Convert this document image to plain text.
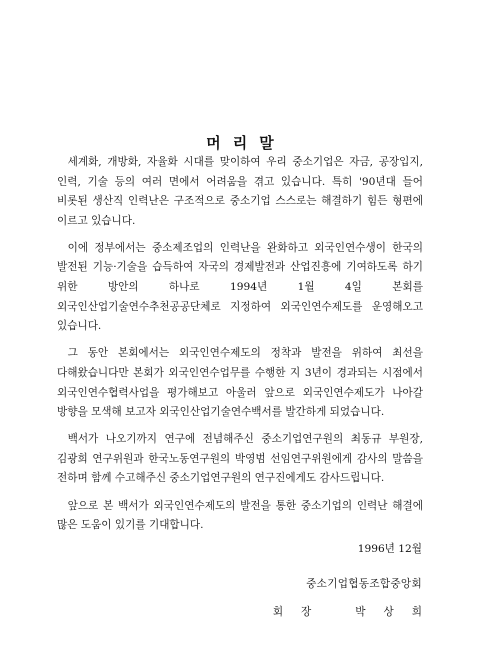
머리말

세계화, 개방화, 자율화 시대를 맞이하여 우리 중소기업은 자금, 공장입지, 인력, 기술 등의 여러 면에서 어려움을 겪고 있습니다. 특히 '90년대 들어 비롯된 생산직 인력난은 구조적으로 중소기업 스스로는 해결하기 힘든 형편에 이르고 있습니다.

이에 정부에서는 중소제조업의 인력난을 완화하고 외국인연수생이 한국의 발전된 기능·기술을 습득하여 자국의 경제발전과 산업진흥에 기여하도록 하기 위한 방안의 하나로 1994년 1월 4일 본회를 외국인산업기술연수추천공공단체로 지정하여 외국인연수제도를 운영해오고 있습니다.

그 동안 본회에서는 외국인연수제도의 정착과 발전을 위하여 최선을 다해왔습니다만 본회가 외국인연수업무를 수행한 지 3년이 경과되는 시점에서 외국인연수협력사업을 평가해보고 아울러 앞으로 외국인연수제도가 나아갈 방향을 모색해 보고자 외국인산업기술연수백서를 발간하게 되었습니다.

백서가 나오기까지 연구에 전념해주신 중소기업연구원의 최동규 부원장, 김광희 연구위원과 한국노동연구원의 박영범 선임연구위원에게 감사의 말씀을 전하며 함께 수고해주신 중소기업연구원의 연구진에게도 감사드립니다.

앞으로 본 백서가 외국인연수제도의 발전을 통한 중소기업의 인력난 해결에 많은 도움이 있기를 기대합니다.

1996년 12월
중소기업협동조합중앙회
회장 박상희
